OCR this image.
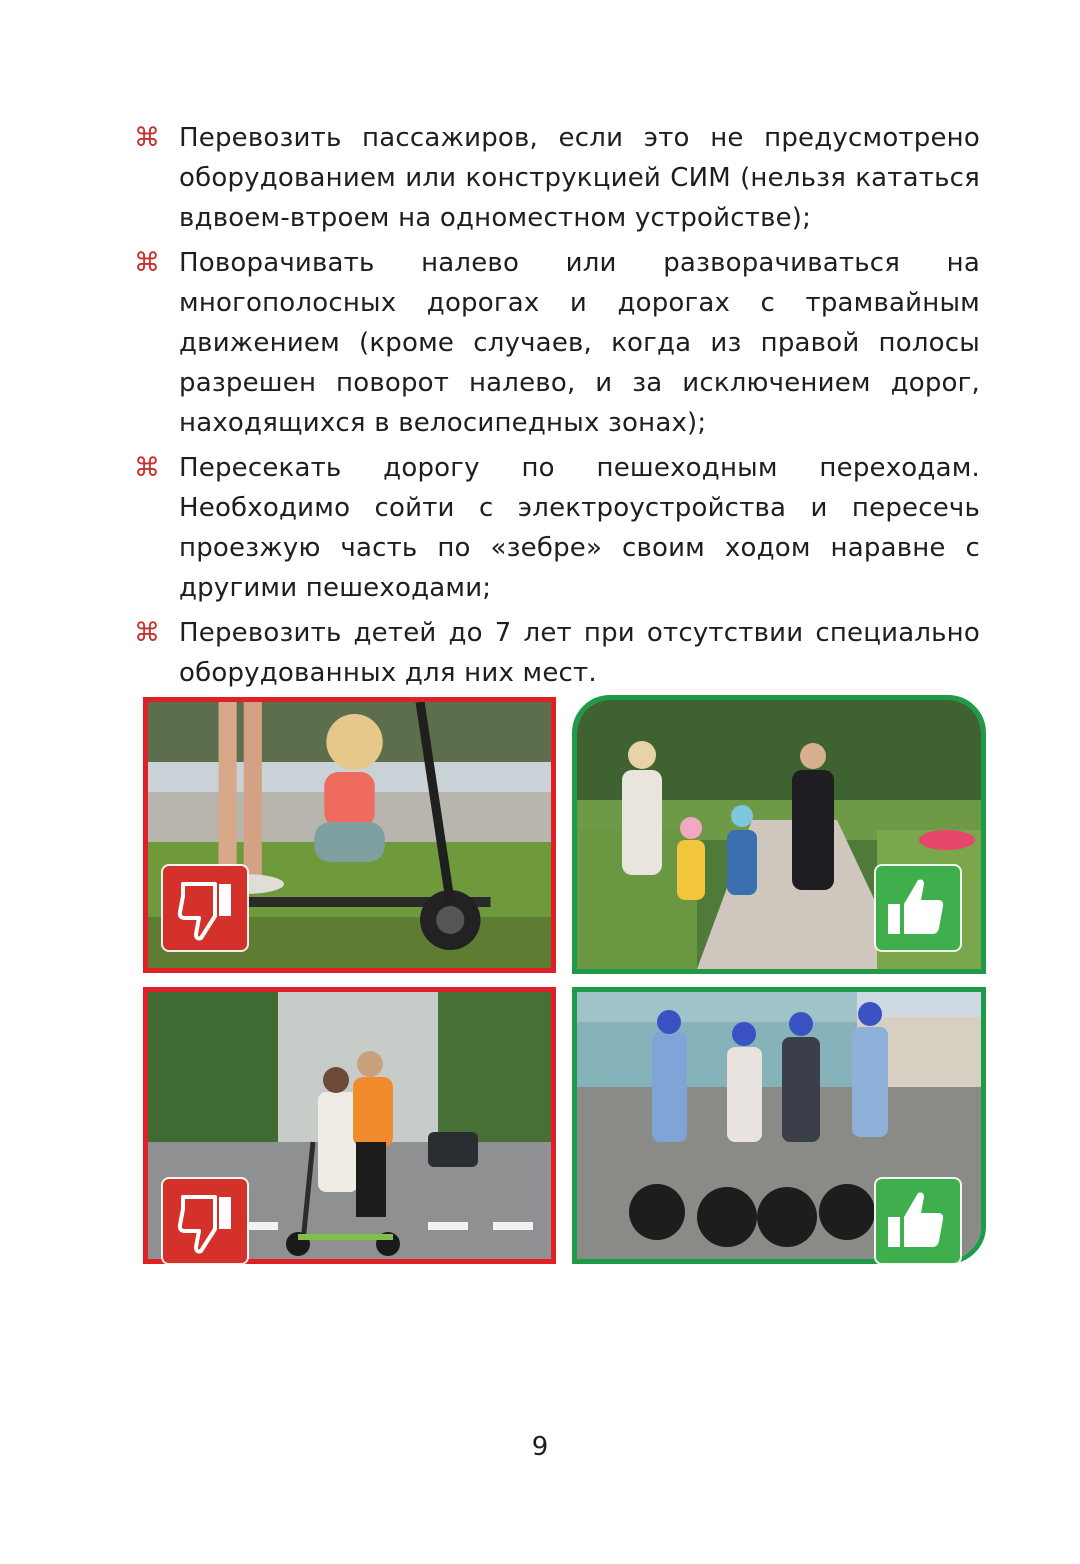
⌘ Перевозить пассажиров, если это не предусмотрено оборудованием или конструкцией СИМ (нельзя кататься вдвоем-втроем на одноместном устройстве);
⌘ Поворачивать налево или разворачиваться на многополосных дорогах и дорогах с трамвайным движением (кроме случаев, когда из правой полосы разрешен поворот налево, и за исключением дорог, находящихся в велосипедных зонах);
⌘ Пересекать дорогу по пешеходным переходам. Необходимо сойти с электроустройства и пересечь проезжую часть по «зебре» своим ходом наравне с другими пешеходами;
⌘ Перевозить детей до 7 лет при отсутствии специально оборудованных для них мест.
9
